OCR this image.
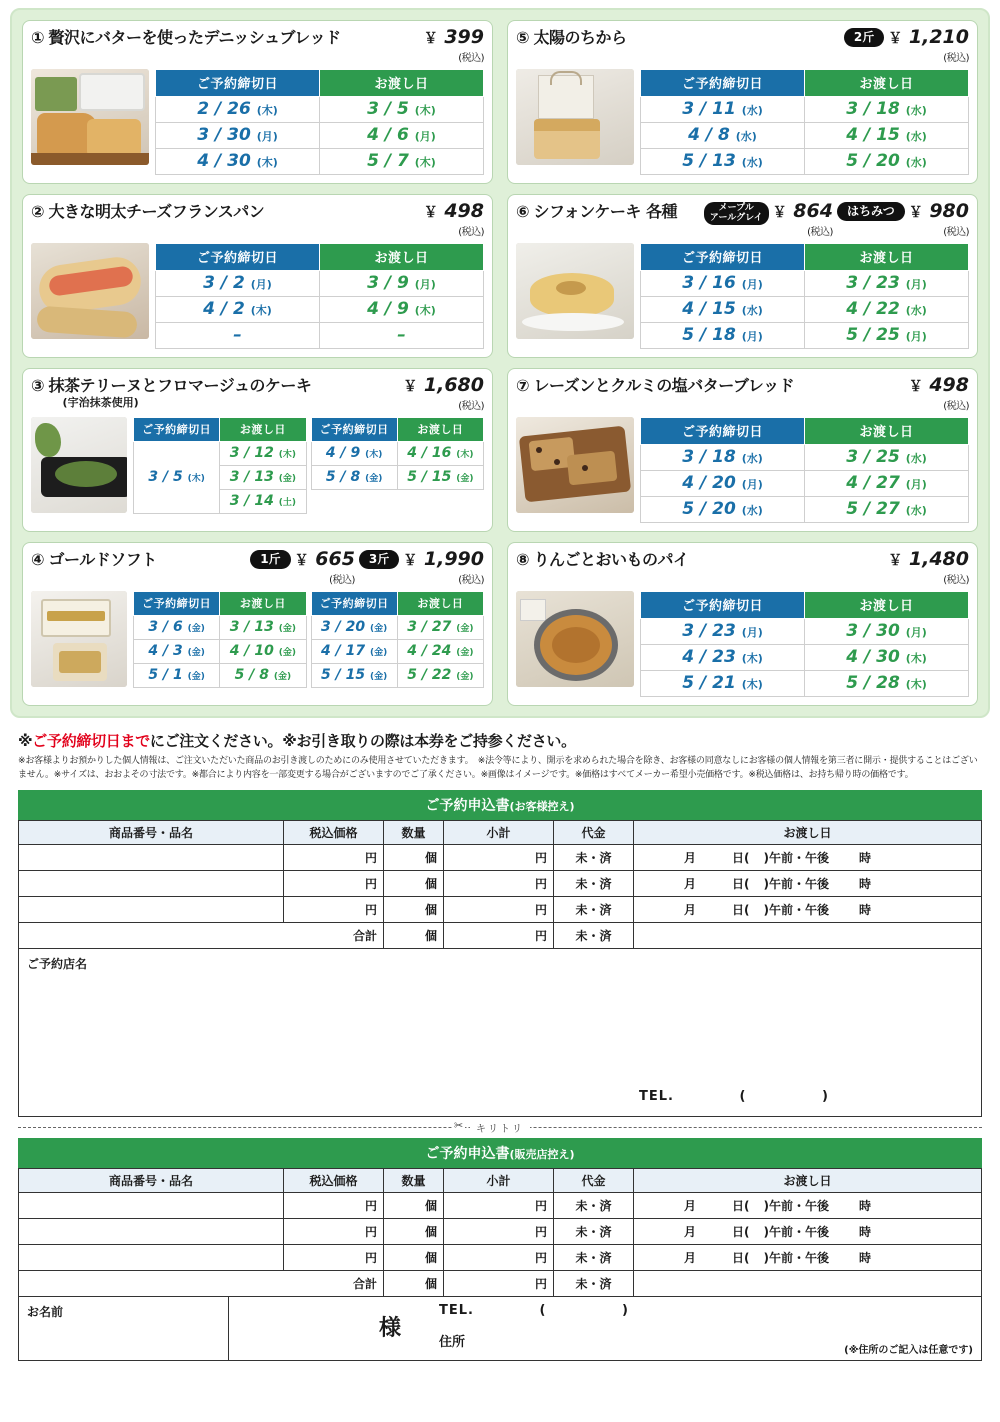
① 贅沢にバターを使ったデニッシュブレッド	￥ 399
(税込)
ご予約締切日	お渡し日
2 / 26 (木)	3 / 5 (木)
3 / 30 (月)	4 / 6 (月)
4 / 30 (木)	5 / 7 (木)
⑤ 太陽のちから	2斤	￥ 1,210
(税込)
ご予約締切日	お渡し日
3 / 11 (水)	3 / 18 (水)
4 / 8 (水)	4 / 15 (水)
5 / 13 (水)	5 / 20 (水)
② 大きな明太チーズフランスパン	￥ 498
(税込)
ご予約締切日	お渡し日
3 / 2 (月)	3 / 9 (月)
4 / 2 (木)	4 / 9 (木)
–	–
⑥ シフォンケーキ 各種	メープル
アールグレイ ￥ 864
(税込)
はちみつ	￥ 980
(税込)
ご予約締切日	お渡し日
3 / 16 (月)	3 / 23 (月)
4 / 15 (水)	4 / 22 (水)
5 / 18 (月)	5 / 25 (月)
③ 抹茶テリーヌとフロマージュのケーキ
(宇治抹茶使用)
￥ 1,680
(税込)
ご予約締切日	お渡し日
3 / 5 (木)	3 / 12 (木)
	3 / 13 (金)
	3 / 14 (土)
ご予約締切日	お渡し日
4 / 9 (木)	4 / 16 (木)
5 / 8 (金)	5 / 15 (金)
⑦ レーズンとクルミの塩バターブレッド	￥ 498
(税込)
ご予約締切日	お渡し日
3 / 18 (水)	3 / 25 (水)
4 / 20 (月)	4 / 27 (月)
5 / 20 (水)	5 / 27 (水)
④ ゴールドソフト	1斤	￥ 665
(税込)
3斤	￥ 1,990
(税込)
ご予約締切日	お渡し日
3 / 6 (金)	3 / 13 (金)
4 / 3 (金)	4 / 10 (金)
5 / 1 (金)	5 / 8 (金)
ご予約締切日	お渡し日
3 / 20 (金)	3 / 27 (金)
4 / 17 (金)	4 / 24 (金)
5 / 15 (金)	5 / 22 (金)
⑧ りんごとおいものパイ	￥ 1,480
(税込)
ご予約締切日	お渡し日
3 / 23 (月)	3 / 30 (月)
4 / 23 (木)	4 / 30 (木)
5 / 21 (木)	5 / 28 (木)
※ご予約締切日までにご注文ください。※お引き取りの際は本券をご持参ください。
※お客様よりお預かりした個人情報は、ご注文いただいた商品のお引き渡しのためにのみ使用させていただきます。　※法令等により、開示を求められた場合を除き、お客様の同意なしにお客様の個人情報を第三者に開示・提供することはございません。※サイズは、おおよその寸法です。※都合により内容を一部変更する場合がございますのでご了承ください。※画像はイメージです。※価格はすべてメーカー希望小売価格です。※税込価格は、お持ち帰り時の価格です。
ご予約申込書(お客様控え)
商品番号・品名	税込価格	数量	小計	代金	お渡し日
	円	個	円	未・済	月 日( )午前・午後 時
	円	個	円	未・済	月 日( )午前・午後 時
	円	個	円	未・済	月 日( )午前・午後 時
合計		個	円	未・済	
ご予約店名
TEL.	(	)
✂	キリトリ
ご予約申込書(販売店控え)
商品番号・品名	税込価格	数量	小計	代金	お渡し日
	円	個	円	未・済	月 日( )午前・午後 時
	円	個	円	未・済	月 日( )午前・午後 時
	円	個	円	未・済	月 日( )午前・午後 時
合計		個	円	未・済	
お名前
様
TEL.	(	)
住所
(※住所のご記入は任意です)
